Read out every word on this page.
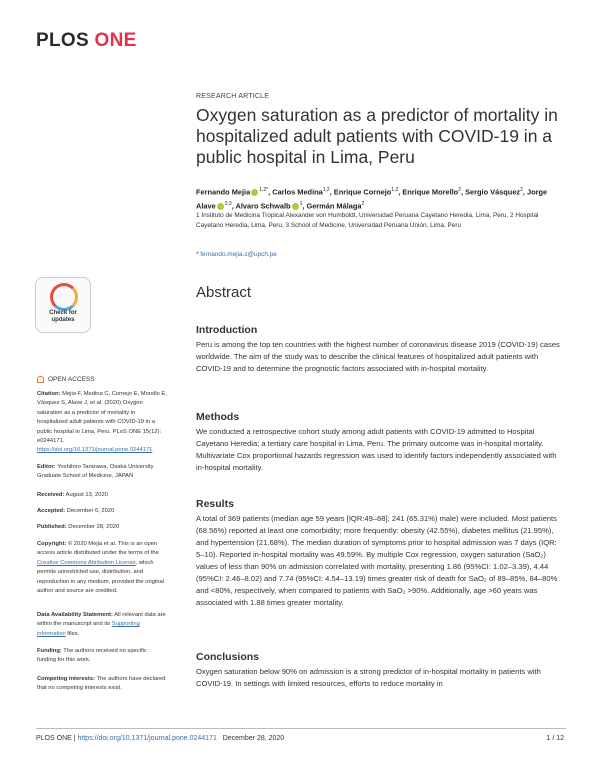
PLOS ONE
RESEARCH ARTICLE
Oxygen saturation as a predictor of mortality in hospitalized adult patients with COVID-19 in a public hospital in Lima, Peru
Fernando Mejia $^{1,2*}$, Carlos Medina$^{1,2}$, Enrique Cornejo$^{1,2}$, Enrique Morello$^2$, Sergio Vásquez$^2$, Jorge Alave $^{2,3}$, Alvaro Schwalb $^1$, Germán Málaga$^2$
1 Instituto de Medicina Tropical Alexander von Humboldt, Universidad Peruana Cayetano Heredia, Lima, Peru, 2 Hospital Cayetano Heredia, Lima, Peru, 3 School of Medicine, Universidad Peruana Unión, Lima, Peru
* fernando.mejia.c@upch.pe
Abstract
Introduction
Peru is among the top ten countries with the highest number of coronavirus disease 2019 (COVID-19) cases worldwide. The aim of the study was to describe the clinical features of hospitalized adult patients with COVID-19 and to determine the prognostic factors associated with in-hospital mortality.
Methods
We conducted a retrospective cohort study among adult patients with COVID-19 admitted to Hospital Cayetano Heredia; a tertiary care hospital in Lima, Peru. The primary outcome was in-hospital mortality. Multivariate Cox proportional hazards regression was used to identify factors independently associated with in-hospital mortality.
Results
A total of 369 patients (median age 59 years [IQR:49–68]; 241 (65.31%) male) were included. Most patients (68.56%) reported at least one comorbidity; more frequently: obesity (42.55%), diabetes mellitus (21.95%), and hypertension (21.68%). The median duration of symptoms prior to hospital admission was 7 days (IQR: 5–10). Reported in-hospital mortality was 49.59%. By multiple Cox regression, oxygen saturation (SaO₂) values of less than 90% on admission correlated with mortality, presenting 1.86 (95%CI: 1.02–3.39), 4.44 (95%CI: 2.46–8.02) and 7.74 (95%CI: 4.54–13.19) times greater risk of death for SaO₂ of 89–85%, 84–80% and <80%, respectively, when compared to patients with SaO₂ >90%. Additionally, age >60 years was associated with 1.88 times greater mortality.
Conclusions
Oxygen saturation below 90% on admission is a strong predictor of in-hospital mortality in patients with COVID-19. In settings with limited resources, efforts to reduce mortality in
Check for
updates
OPEN ACCESS
Citation: Mejia F, Medina C, Cornejo E, Morello E, Vásquez S, Alave J, et al. (2020) Oxygen saturation as a predictor of mortality in hospitalized adult patients with COVID-19 in a public hospital in Lima, Peru. PLoS ONE 15(12): e0244171. https://doi.org/10.1371/journal.pone.0244171
Editor: Yoshihiro Tanizawa, Osaka University Graduate School of Medicine, JAPAN
Received: August 13, 2020
Accepted: December 6, 2020
Published: December 28, 2020
Copyright: © 2020 Mejia et al. This is an open access article distributed under the terms of the Creative Commons Attribution License, which permits unrestricted use, distribution, and reproduction in any medium, provided the original author and source are credited.
Data Availability Statement: All relevant data are within the manuscript and its Supporting information files.
Funding: The authors received no specific funding for this work.
Competing interests: The authors have declared that no competing interests exist.
PLOS ONE | https://doi.org/10.1371/journal.pone.0244171 December 28, 2020	1 / 12
